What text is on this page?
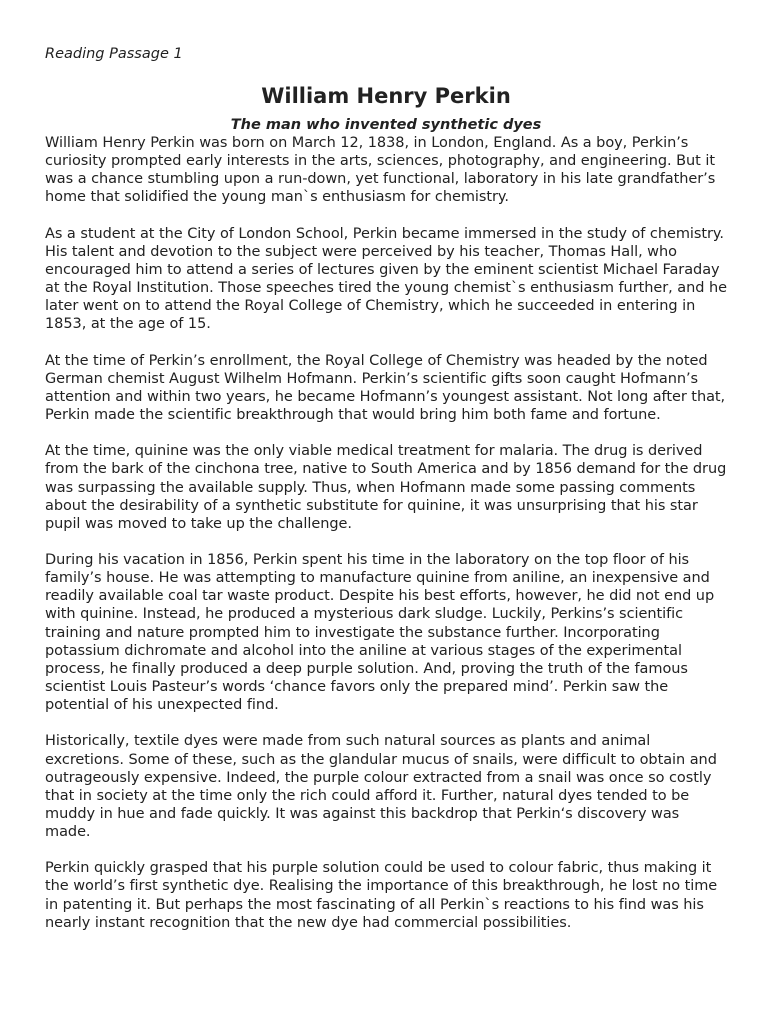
Reading Passage 1

William Henry Perkin

The man who invented synthetic dyes

William Henry Perkin was born on March 12, 1838, in London, England. As a boy, Perkin’s curiosity prompted early interests in the arts, sciences, photography, and engineering. But it was a chance stumbling upon a run-down, yet functional, laboratory in his late grandfather’s home that solidified the young man`s enthusiasm for chemistry.

As a student at the City of London School, Perkin became immersed in the study of chemistry. His talent and devotion to the subject were perceived by his teacher, Thomas Hall, who encouraged him to attend a series of lectures given by the eminent scientist Michael Faraday at the Royal Institution. Those speeches tired the young chemist`s enthusiasm further, and he later went on to attend the Royal College of Chemistry, which he succeeded in entering in 1853, at the age of 15.

At the time of Perkin’s enrollment, the Royal College of Chemistry was headed by the noted German chemist August Wilhelm Hofmann. Perkin’s scientific gifts soon caught Hofmann’s attention and within two years, he became Hofmann’s youngest assistant. Not long after that, Perkin made the scientific breakthrough that would bring him both fame and fortune.

At the time, quinine was the only viable medical treatment for malaria. The drug is derived from the bark of the cinchona tree, native to South America and by 1856 demand for the drug was surpassing the available supply. Thus, when Hofmann made some passing comments about the desirability of a synthetic substitute for quinine, it was unsurprising that his star pupil was moved to take up the challenge.

During his vacation in 1856, Perkin spent his time in the laboratory on the top floor of his family’s house. He was attempting to manufacture quinine from aniline, an inexpensive and readily available coal tar waste product. Despite his best efforts, however, he did not end up with quinine. Instead, he produced a mysterious dark sludge. Luckily, Perkins’s scientific training and nature prompted him to investigate the substance further. Incorporating potassium dichromate and alcohol into the aniline at various stages of the experimental process, he finally produced a deep purple solution. And, proving the truth of the famous scientist Louis Pasteur’s words ‘chance favors only the prepared mind’. Perkin saw the potential of his unexpected find.

Historically, textile dyes were made from such natural sources as plants and animal excretions. Some of these, such as the glandular mucus of snails, were difficult to obtain and outrageously expensive. Indeed, the purple colour extracted from a snail was once so costly that in society at the time only the rich could afford it. Further, natural dyes tended to be muddy in hue and fade quickly. It was against this backdrop that Perkin‘s discovery was made.

Perkin quickly grasped that his purple solution could be used to colour fabric, thus making it the world’s first synthetic dye. Realising the importance of this breakthrough, he lost no time in patenting it. But perhaps the most fascinating of all Perkin`s reactions to his find was his nearly instant recognition that the new dye had commercial possibilities.
